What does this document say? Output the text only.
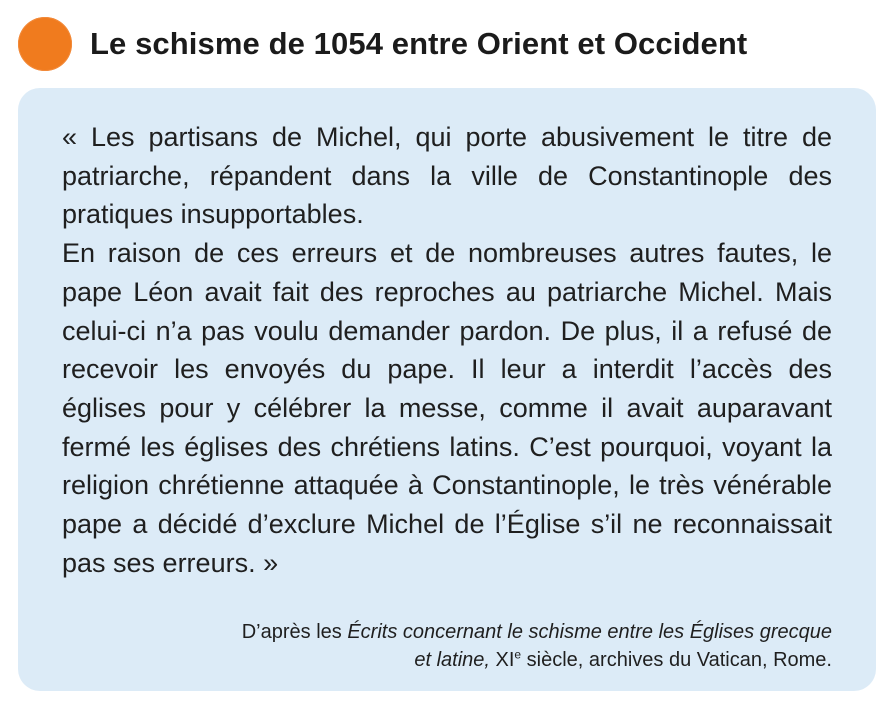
Le schisme de 1054 entre Orient et Occident

« Les partisans de Michel, qui porte abusivement le titre de patriarche, répandent dans la ville de Constantinople des pratiques insupportables.

En raison de ces erreurs et de nombreuses autres fautes, le pape Léon avait fait des reproches au patriarche Michel. Mais celui-ci n’a pas voulu demander pardon. De plus, il a refusé de recevoir les envoyés du pape. Il leur a interdit l’accès des églises pour y célébrer la messe, comme il avait auparavant fermé les églises des chrétiens latins. C’est pourquoi, voyant la religion chrétienne attaquée à Constantinople, le très vénérable pape a décidé d’exclure Michel de l’Église s’il ne reconnaissait pas ses erreurs. »

D’après les Écrits concernant le schisme entre les Églises grecque
et latine, XIe siècle, archives du Vatican, Rome.
